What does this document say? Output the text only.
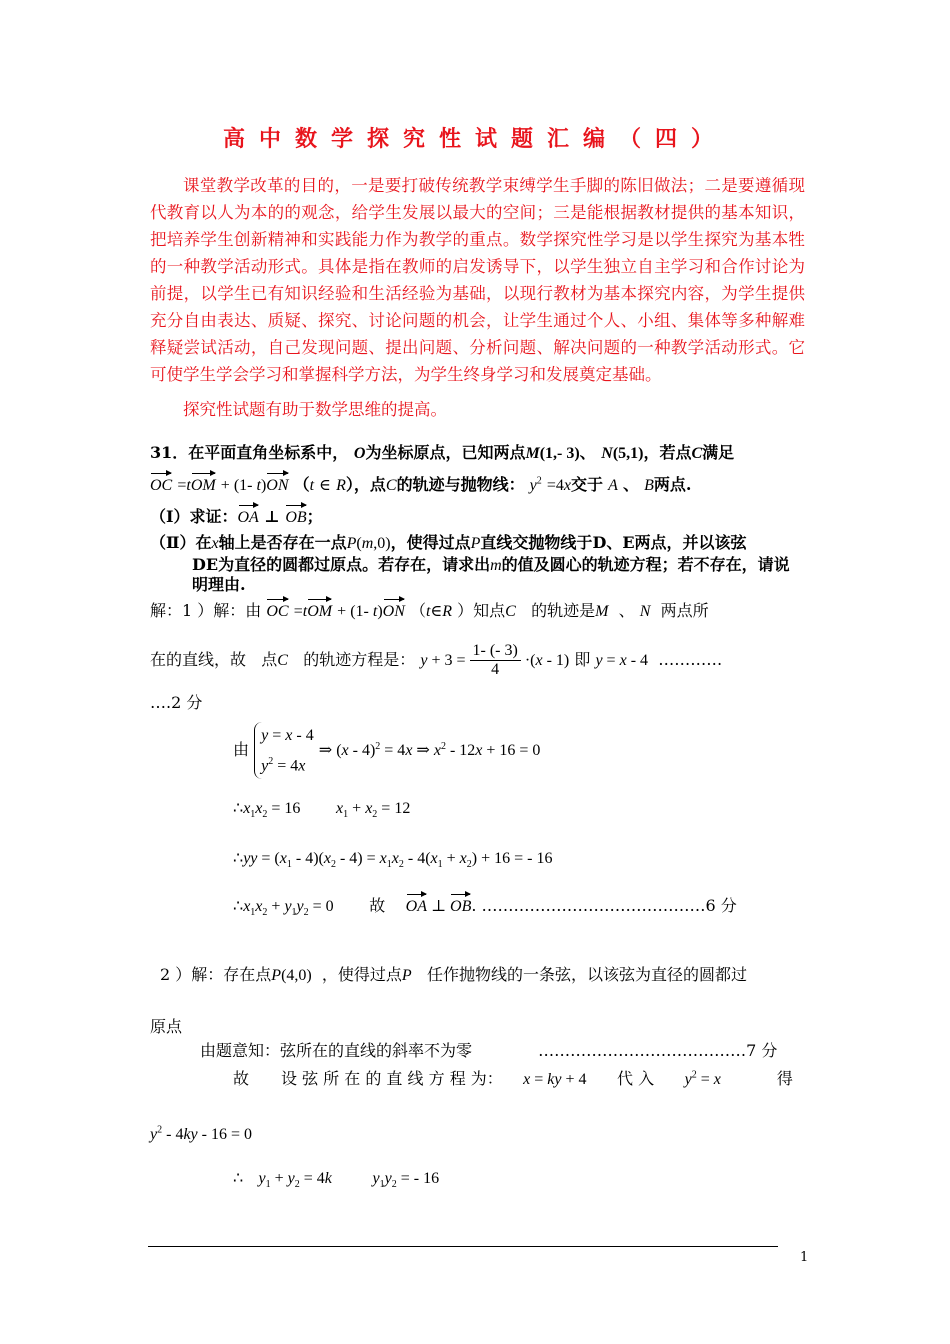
高中数学探究性试题汇编（四）
课堂教学改革的目的，一是要打破传统教学束缚学生手脚的陈旧做法；二是要遵循现代教育以人为本的的观念，给学生发展以最大的空间；三是能根据教材提供的基本知识，把培养学生创新精神和实践能力作为教学的重点。数学探究性学习是以学生探究为基本牲的一种教学活动形式。具体是指在教师的启发诱导下，以学生独立自主学习和合作讨论为前提，以学生已有知识经验和生活经验为基础，以现行教材为基本探究内容，为学生提供充分自由表达、质疑、探究、讨论问题的机会，让学生通过个人、小组、集体等多种解难释疑尝试活动，自己发现问题、提出问题、分析问题、解决问题的一种教学活动形式。它可使学生学会学习和掌握科学方法，为学生终身学习和发展奠定基础。
探究性试题有助于数学思维的提高。
31．在平面直角坐标系中， O为坐标原点，已知两点M(1,- 3)、 N(5,1)，若点C满足
OC =tOM + (1- t)ON （t ∈ R），点C的轨迹与抛物线： $y^2 =4x$交于 A 、 B两点.
（Ⅰ）求证：OA ⊥ OB；
（Ⅱ）在x轴上是否存在一点P(m,0)，使得过点P直线交抛物线于D、E两点，并以该弦
DE为直径的圆都过原点。若存在，请求出m的值及圆心的轨迹方程；若不存在，请说
明理由.
解：1 ）解：由 OC =tOM + (1- t)ON （t∈R ）知点C 的轨迹是M 、 N 两点所
在的直线，故 点C 的轨迹方程是： $y + 3 = \frac{1- (- 3)}{4} \cdot(x - 1)$ 即 y = x - 4 …………
….2 分
由 y = x - 4
$y^2 = 4x$ ⇒ (x - 4)$^2$ = 4x ⇒ $x^2 - 12x + 16 = 0$
$\therefore x_1x_2 = 16$ $x_1 + x_2 = 12$
∴yy = $(x_1 - 4)(x_2 - 4) = x_1x_2 - 4(x_1 + x_2) + 16$ = - 16
$\therefore x_1x_2 + y_1y_2 = 0$ 故 OA ⊥ OB. ……………………………………6 分
2 ）解：存在点P(4,0) ，使得过点P 任作抛物线的一条弦，以该弦为直径的圆都过
原点
由题意知：弦所在的直线的斜率不为零	…………………………………7 分
故　　设 弦 所 在 的 直 线 方 程 为： x = ky + 4 代 入 $y^2 = x$	得
$y^2 - 4ky - 16 = 0$
∴ $y_1 + y_2 = 4k$	$y_1y_2$ = - 16
1
